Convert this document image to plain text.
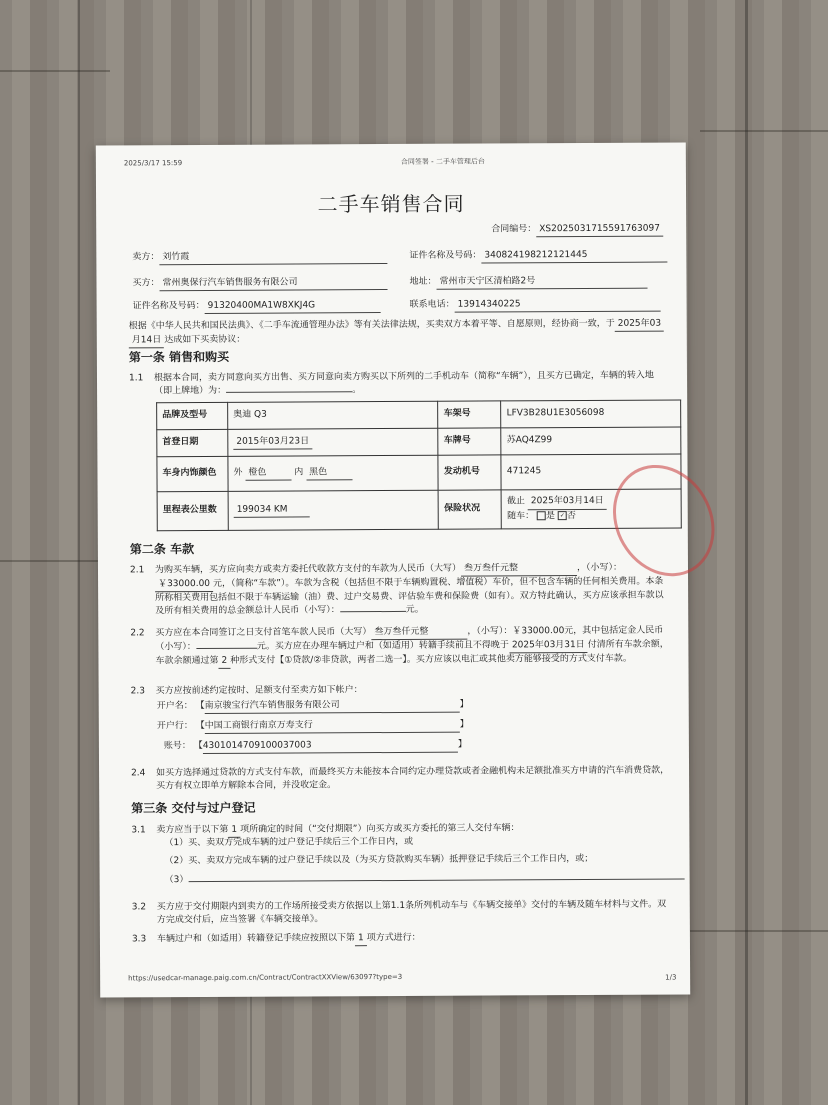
2025/3/17 15:59	合同签署 - 二手车管理后台
二手车销售合同
合同编号： XS2025031715591763097
卖方： 刘竹霞	证件名称及号码： 340824198212121445
买方： 常州奥保行汽车销售服务有限公司	地址： 常州市天宁区清柏路2号
证件名称及号码： 91320400MA1W8XKJ4G	联系电话： 13914340225
根据《中华人民共和国民法典》、《二手车流通管理办法》等有关法律法规，买卖双方本着平等、自愿原则，经协商一致，于 2025年03
月14日 达成如下买卖协议：
第一条 销售和购买
1.1 根据本合同，卖方同意向买方出售、买方同意向卖方购买以下所列的二手机动车（简称“车辆”），且买方已确定，车辆的转入地（即上牌地）为：	。
品牌及型号	奥迪 Q3	车架号	LFV3B28U1E3056098
首登日期	2015年03月23日	车牌号	苏AQ4Z99
车身内饰颜色	外 橙色 内 黑色	发动机号	471245
里程表公里数	199034 KM	保险状况	截止 2025年03月14日
随车： 是 ✓ 否
第二条 车款
2.1 为购买车辆，买方应向卖方或卖方委托代收款方支付的车款为人民币（大写） 叁万叁仟元整	，（小写）：￥33000.00 元，（简称“车款”）。车款为含税（包括但不限于车辆购置税、增值税）车价，但不包含车辆的任何相关费用。本条所称相关费用包括但不限于车辆运输（油）费、过户交易费、评估验车费和保险费（如有）。双方特此确认，买方应该承担车款以及所有相关费用的总金额总计人民币（小写）：	元。
2.2 买方应在本合同签订之日支付首笔车款人民币（大写） 叁万叁仟元整	，（小写）：￥33000.00元，其中包括定金人民币（小写）：	元。买方应在办理车辆过户和（如适用）转籍手续前且不得晚于 2025年03月31日 付清所有车款余额，车款余额通过第 2 种形式支付【①贷款/②非贷款，两者二选一】。买方应该以电汇或其他卖方能够接受的方式支付车款。
2.3 买方应按前述约定按时、足额支付至卖方如下帐户：
开户名： 【南京骏宝行汽车销售服务有限公司	】
开户行： 【中国工商银行南京万寿支行	】
账号： 【4301014709100037003	】
2.4 如买方选择通过贷款的方式支付车款，而最终买方未能按本合同约定办理贷款或者金融机构未足额批准买方申请的汽车消费贷款，买方有权立即单方解除本合同，并没收定金。
第三条 交付与过户登记
3.1 卖方应当于以下第 1 项所确定的时间（“交付期限”）向买方或买方委托的第三人交付车辆：
（1）买、卖双方完成车辆的过户登记手续后三个工作日内，或
（2）买、卖双方完成车辆的过户登记手续以及（为买方贷款购买车辆）抵押登记手续后三个工作日内，或；
（3）
3.2 买方应于交付期限内到卖方的工作场所接受卖方依据以上第1.1条所列机动车与《车辆交接单》交付的车辆及随车材料与文件。双方完成交付后，应当签署《车辆交接单》。
3.3 车辆过户和（如适用）转籍登记手续应按照以下第 1 项方式进行：
https://usedcar-manage.paig.com.cn/Contract/ContractXXView/63097?type=3	1/3
